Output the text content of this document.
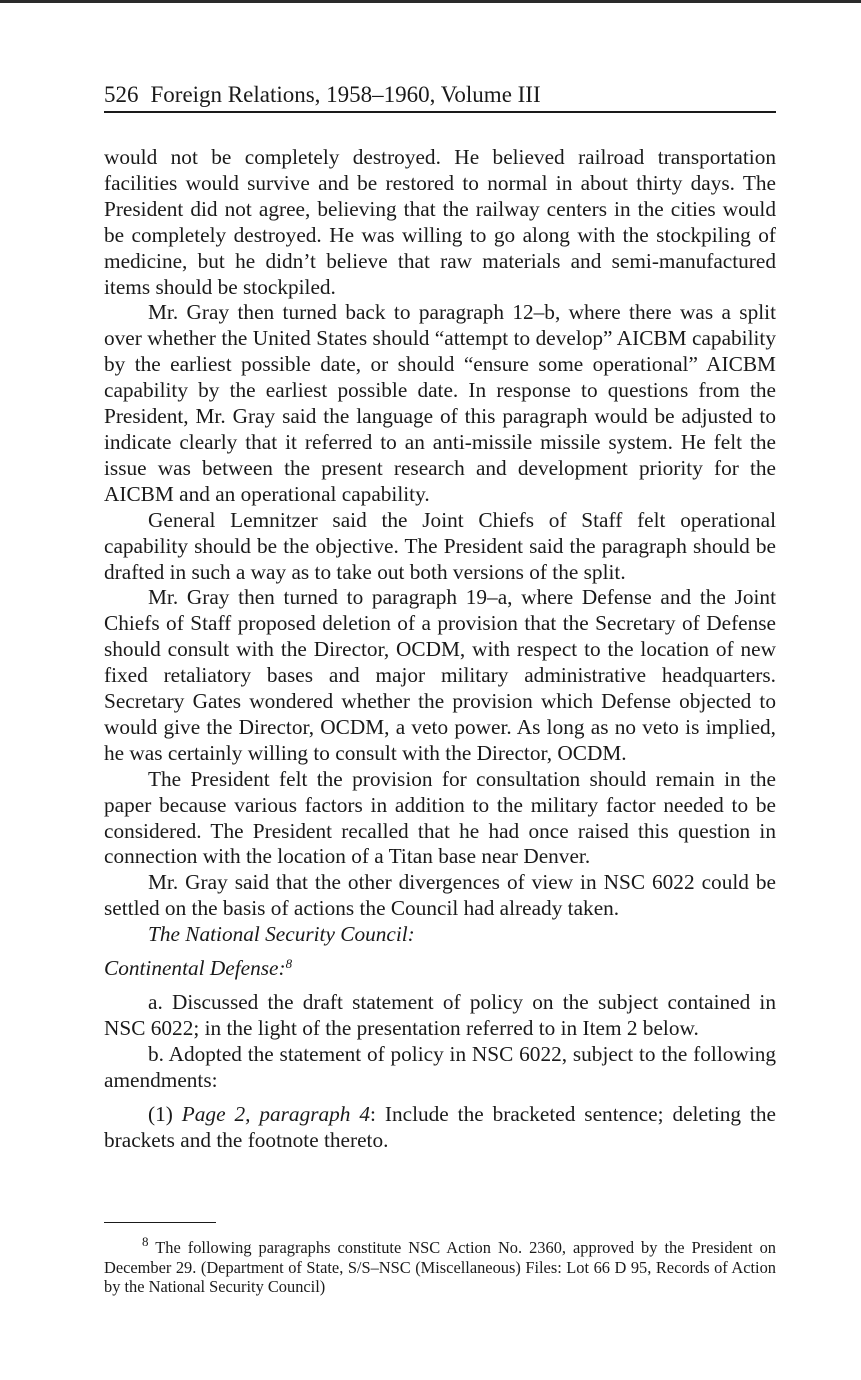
526 Foreign Relations, 1958–1960, Volume III

would not be completely destroyed. He believed railroad transportation facilities would survive and be restored to normal in about thirty days. The President did not agree, believing that the railway centers in the cities would be completely destroyed. He was willing to go along with the stockpiling of medicine, but he didn’t believe that raw materials and semi-manufactured items should be stockpiled.

Mr. Gray then turned back to paragraph 12–b, where there was a split over whether the United States should “attempt to develop” AICBM capability by the earliest possible date, or should “ensure some operational” AICBM capability by the earliest possible date. In response to questions from the President, Mr. Gray said the language of this paragraph would be adjusted to indicate clearly that it referred to an anti-missile missile system. He felt the issue was between the present research and development priority for the AICBM and an operational capability.

General Lemnitzer said the Joint Chiefs of Staff felt operational capability should be the objective. The President said the paragraph should be drafted in such a way as to take out both versions of the split.

Mr. Gray then turned to paragraph 19–a, where Defense and the Joint Chiefs of Staff proposed deletion of a provision that the Secretary of Defense should consult with the Director, OCDM, with respect to the location of new fixed retaliatory bases and major military administrative headquarters. Secretary Gates wondered whether the provision which Defense objected to would give the Director, OCDM, a veto power. As long as no veto is implied, he was certainly willing to consult with the Director, OCDM.

The President felt the provision for consultation should remain in the paper because various factors in addition to the military factor needed to be considered. The President recalled that he had once raised this question in connection with the location of a Titan base near Denver.

Mr. Gray said that the other divergences of view in NSC 6022 could be settled on the basis of actions the Council had already taken.

The National Security Council:

Continental Defense:$^8$

a. Discussed the draft statement of policy on the subject contained in NSC 6022; in the light of the presentation referred to in Item 2 below.

b. Adopted the statement of policy in NSC 6022, subject to the following amendments:

(1) Page 2, paragraph 4: Include the bracketed sentence; deleting the brackets and the footnote thereto.

$^8$ The following paragraphs constitute NSC Action No. 2360, approved by the President on December 29. (Department of State, S/S–NSC (Miscellaneous) Files: Lot 66 D 95, Records of Action by the National Security Council)
